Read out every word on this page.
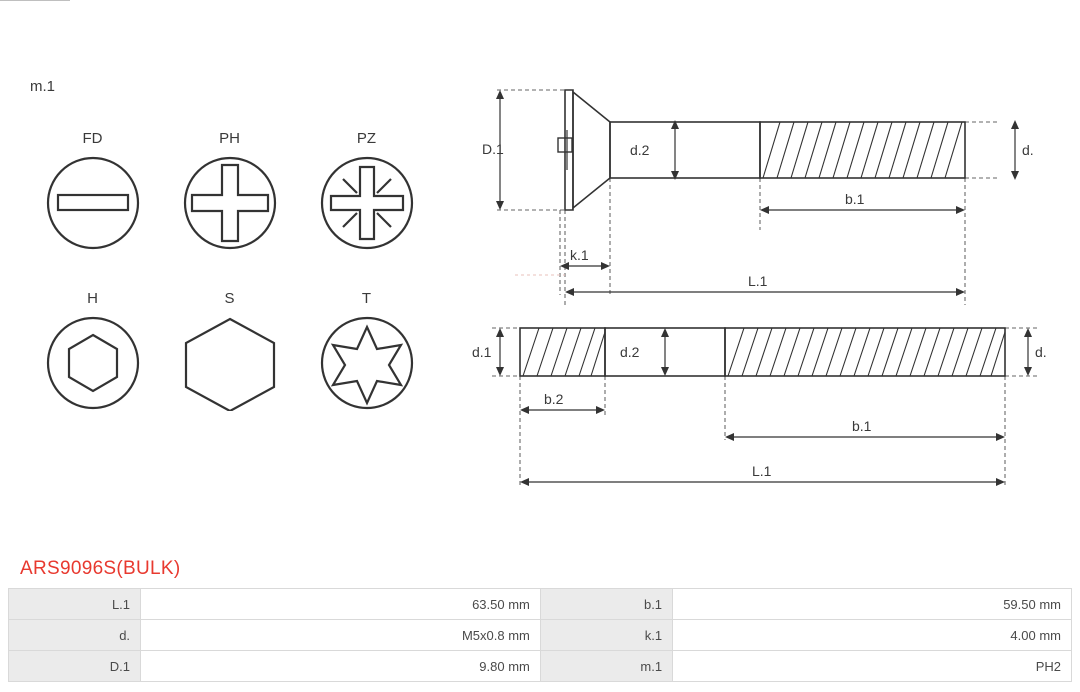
m.1
FD	PH	PZ
H	S	T
D.1	d.2	d.
b.1
k.1
L.1
d.1	d.2	d.
b.2
b.1
L.1
ARS9096S(BULK)
L.1	63.50 mm	b.1	59.50 mm
d.	M5x0.8 mm	k.1	4.00 mm
D.1	9.80 mm	m.1	PH2
